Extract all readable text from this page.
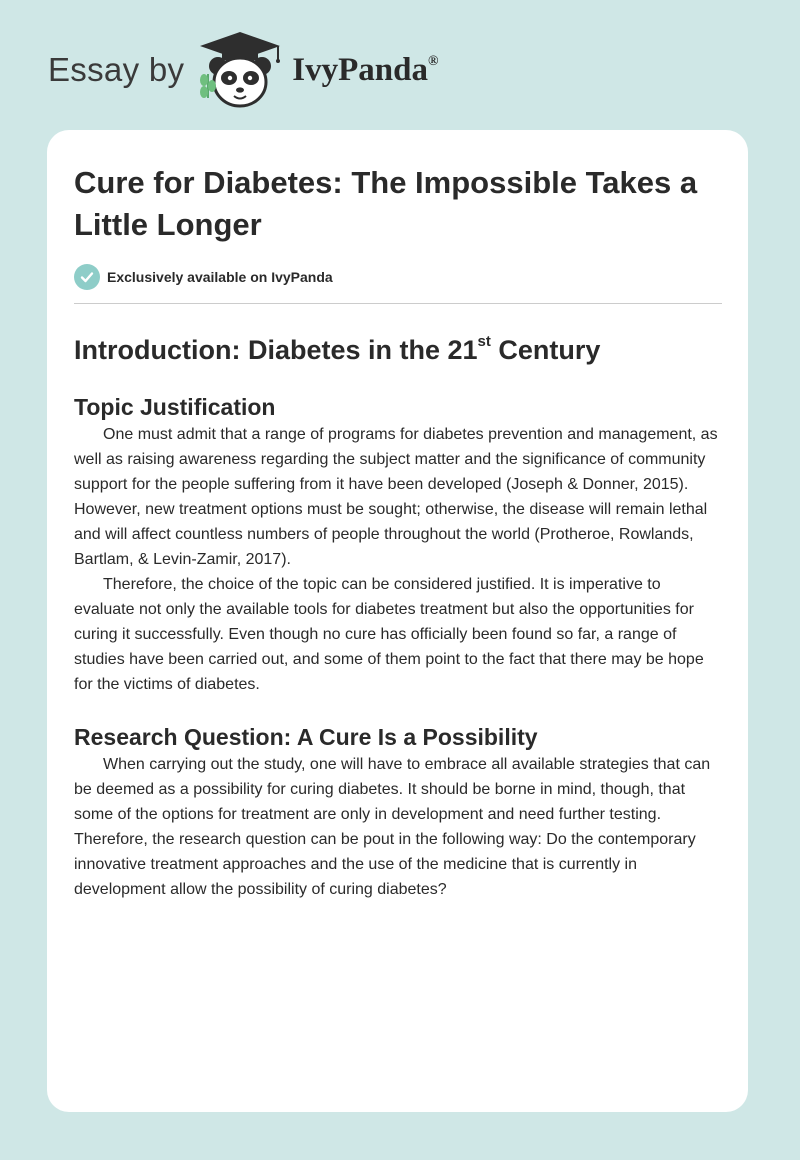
Essay by	IvyPanda®
Cure for Diabetes: The Impossible Takes a Little Longer
Exclusively available on IvyPanda
Introduction: Diabetes in the 21st Century
Topic Justification

One must admit that a range of programs for diabetes prevention and management, as well as raising awareness regarding the subject matter and the significance of community support for the people suffering from it have been developed (Joseph & Donner, 2015). However, new treatment options must be sought; otherwise, the disease will remain lethal and will affect countless numbers of people throughout the world (Protheroe, Rowlands, Bartlam, & Levin-Zamir, 2017).

Therefore, the choice of the topic can be considered justified. It is imperative to evaluate not only the available tools for diabetes treatment but also the opportunities for curing it successfully. Even though no cure has officially been found so far, a range of studies have been carried out, and some of them point to the fact that there may be hope for the victims of diabetes.

Research Question: A Cure Is a Possibility

When carrying out the study, one will have to embrace all available strategies that can be deemed as a possibility for curing diabetes. It should be borne in mind, though, that some of the options for treatment are only in development and need further testing. Therefore, the research question can be pout in the following way: Do the contemporary innovative treatment approaches and the use of the medicine that is currently in development allow the possibility of curing diabetes?
